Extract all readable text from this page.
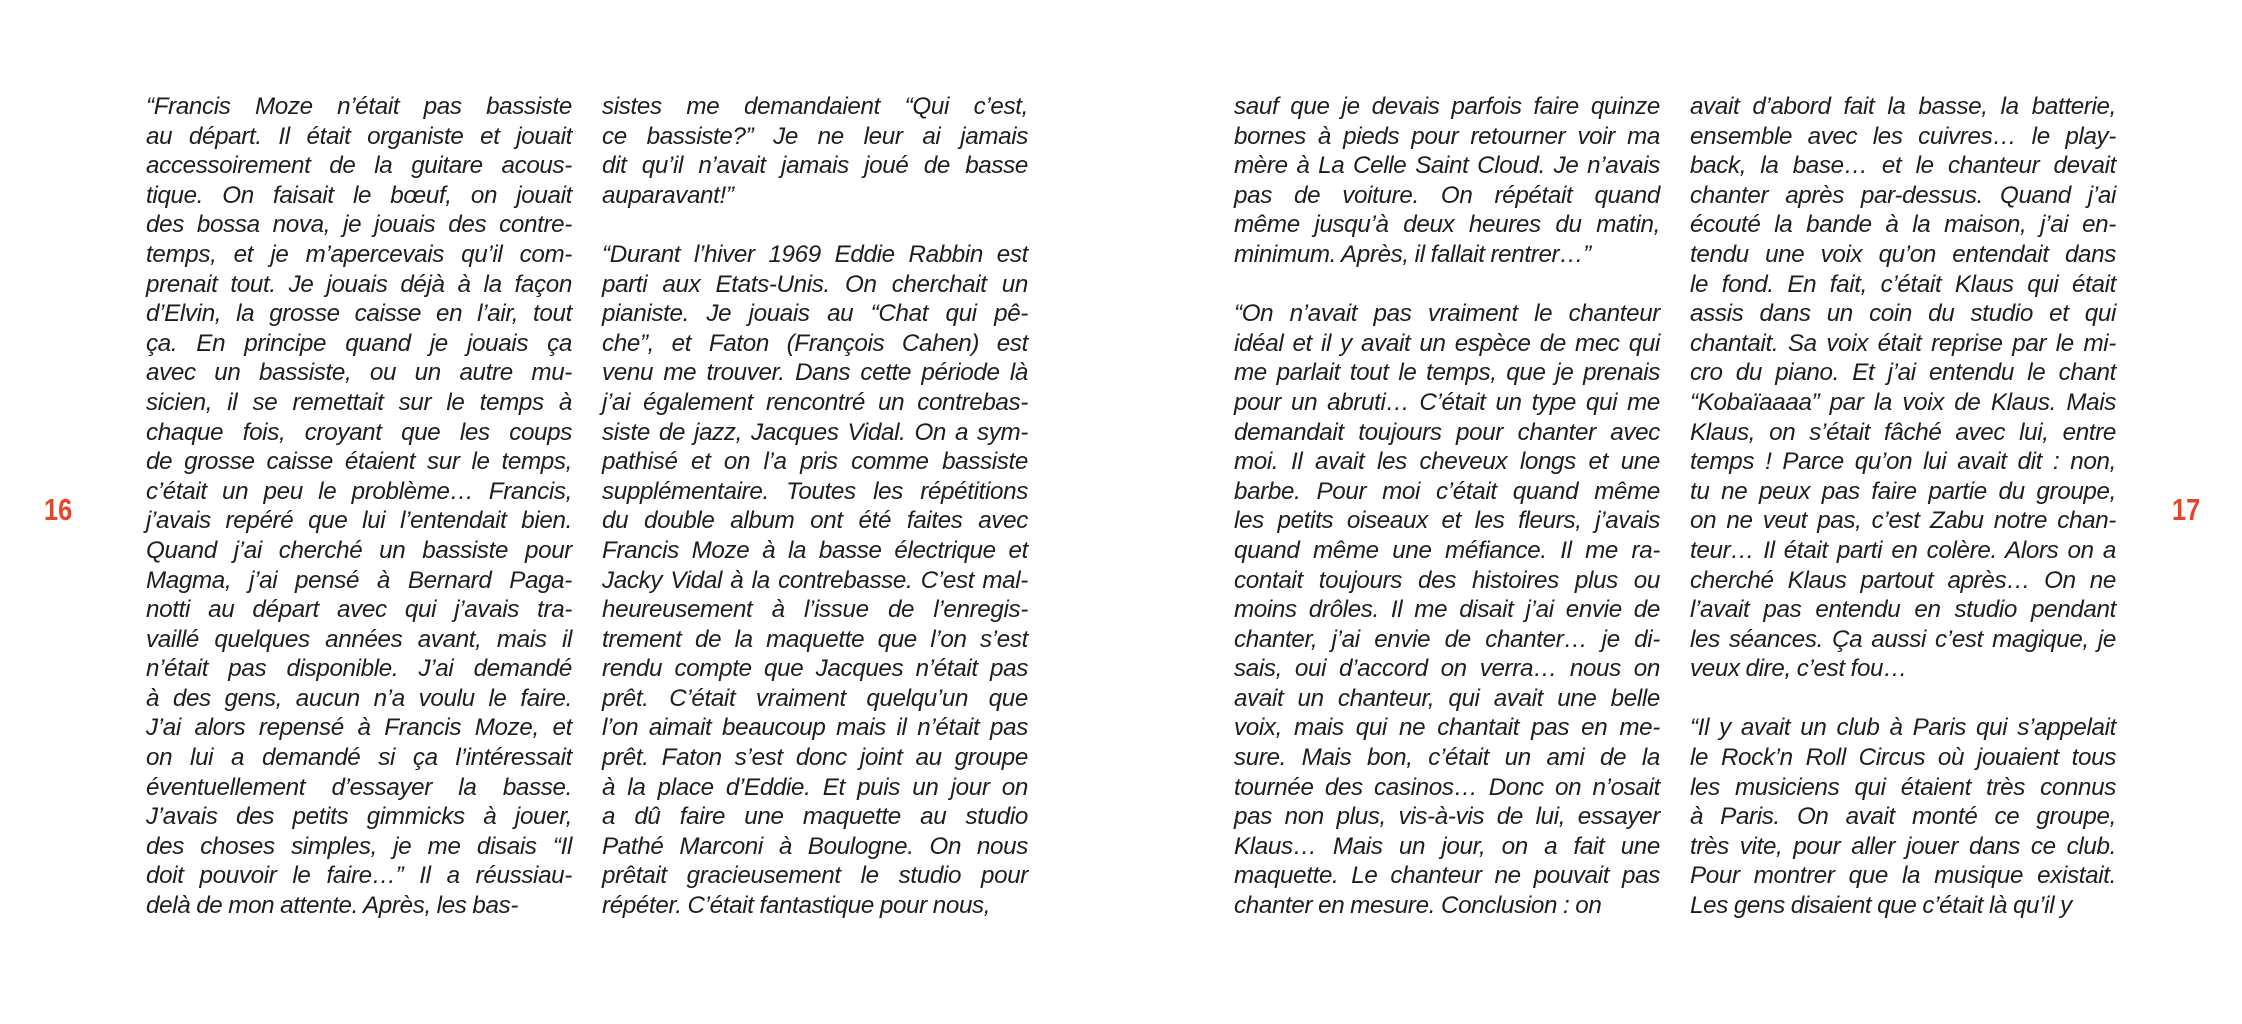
16

“Francis Moze n’était pas bassiste
au départ. Il était organiste et jouait
accessoirement de la guitare acous-
tique. On faisait le bœuf, on jouait
des bossa nova, je jouais des contre-
temps, et je m’apercevais qu’il com-
prenait tout. Je jouais déjà à la façon
d’Elvin, la grosse caisse en l’air, tout
ça. En principe quand je jouais ça
avec un bassiste, ou un autre mu-
sicien, il se remettait sur le temps à
chaque fois, croyant que les coups
de grosse caisse étaient sur le temps,
c’était un peu le problème… Francis,
j’avais repéré que lui l’entendait bien.
Quand j’ai cherché un bassiste pour
Magma, j’ai pensé à Bernard Paga-
notti au départ avec qui j’avais tra-
vaillé quelques années avant, mais il
n’était pas disponible. J’ai demandé
à des gens, aucun n’a voulu le faire.
J’ai alors repensé à Francis Moze, et
on lui a demandé si ça l’intéressait
éventuellement d’essayer la basse.
J’avais des petits gimmicks à jouer,
des choses simples, je me disais “Il
doit pouvoir le faire…” Il a réussiau-
delà de mon attente. Après, les bas-

sistes me demandaient “Qui c’est,
ce bassiste?” Je ne leur ai jamais
dit qu’il n’avait jamais joué de basse
auparavant!”

“Durant l’hiver 1969 Eddie Rabbin est
parti aux Etats-Unis. On cherchait un
pianiste. Je jouais au “Chat qui pê-
che”, et Faton (François Cahen) est
venu me trouver. Dans cette période là
j’ai également rencontré un contrebas-
siste de jazz, Jacques Vidal. On a sym-
pathisé et on l’a pris comme bassiste
supplémentaire. Toutes les répétitions
du double album ont été faites avec
Francis Moze à la basse électrique et
Jacky Vidal à la contrebasse. C’est mal-
heureusement à l’issue de l’enregis-
trement de la maquette que l’on s’est
rendu compte que Jacques n’était pas
prêt. C’était vraiment quelqu’un que
l’on aimait beaucoup mais il n’était pas
prêt. Faton s’est donc joint au groupe
à la place d’Eddie. Et puis un jour on
a dû faire une maquette au studio
Pathé Marconi à Boulogne. On nous
prêtait gracieusement le studio pour
répéter. C’était fantastique pour nous,

sauf que je devais parfois faire quinze
bornes à pieds pour retourner voir ma
mère à La Celle Saint Cloud. Je n’avais
pas de voiture. On répétait quand
même jusqu’à deux heures du matin,
minimum. Après, il fallait rentrer…”

“On n’avait pas vraiment le chanteur
idéal et il y avait un espèce de mec qui
me parlait tout le temps, que je prenais
pour un abruti… C’était un type qui me
demandait toujours pour chanter avec
moi. Il avait les cheveux longs et une
barbe. Pour moi c’était quand même
les petits oiseaux et les fleurs, j’avais
quand même une méfiance. Il me ra-
contait toujours des histoires plus ou
moins drôles. Il me disait j’ai envie de
chanter, j’ai envie de chanter… je di-
sais, oui d’accord on verra… nous on
avait un chanteur, qui avait une belle
voix, mais qui ne chantait pas en me-
sure. Mais bon, c’était un ami de la
tournée des casinos… Donc on n’osait
pas non plus, vis-à-vis de lui, essayer
Klaus… Mais un jour, on a fait une
maquette. Le chanteur ne pouvait pas
chanter en mesure. Conclusion : on

avait d’abord fait la basse, la batterie,
ensemble avec les cuivres… le play-
back, la base… et le chanteur devait
chanter après par-dessus. Quand j’ai
écouté la bande à la maison, j’ai en-
tendu une voix qu’on entendait dans
le fond. En fait, c’était Klaus qui était
assis dans un coin du studio et qui
chantait. Sa voix était reprise par le mi-
cro du piano. Et j’ai entendu le chant
“Kobaïaaaa” par la voix de Klaus. Mais
Klaus, on s’était fâché avec lui, entre
temps ! Parce qu’on lui avait dit : non,
tu ne peux pas faire partie du groupe,
on ne veut pas, c’est Zabu notre chan-
teur… Il était parti en colère. Alors on a
cherché Klaus partout après… On ne
l’avait pas entendu en studio pendant
les séances. Ça aussi c’est magique, je
veux dire, c’est fou…

“Il y avait un club à Paris qui s’appelait
le Rock’n Roll Circus où jouaient tous
les musiciens qui étaient très connus
à Paris. On avait monté ce groupe,
très vite, pour aller jouer dans ce club.
Pour montrer que la musique existait.
Les gens disaient que c’était là qu’il y

17
